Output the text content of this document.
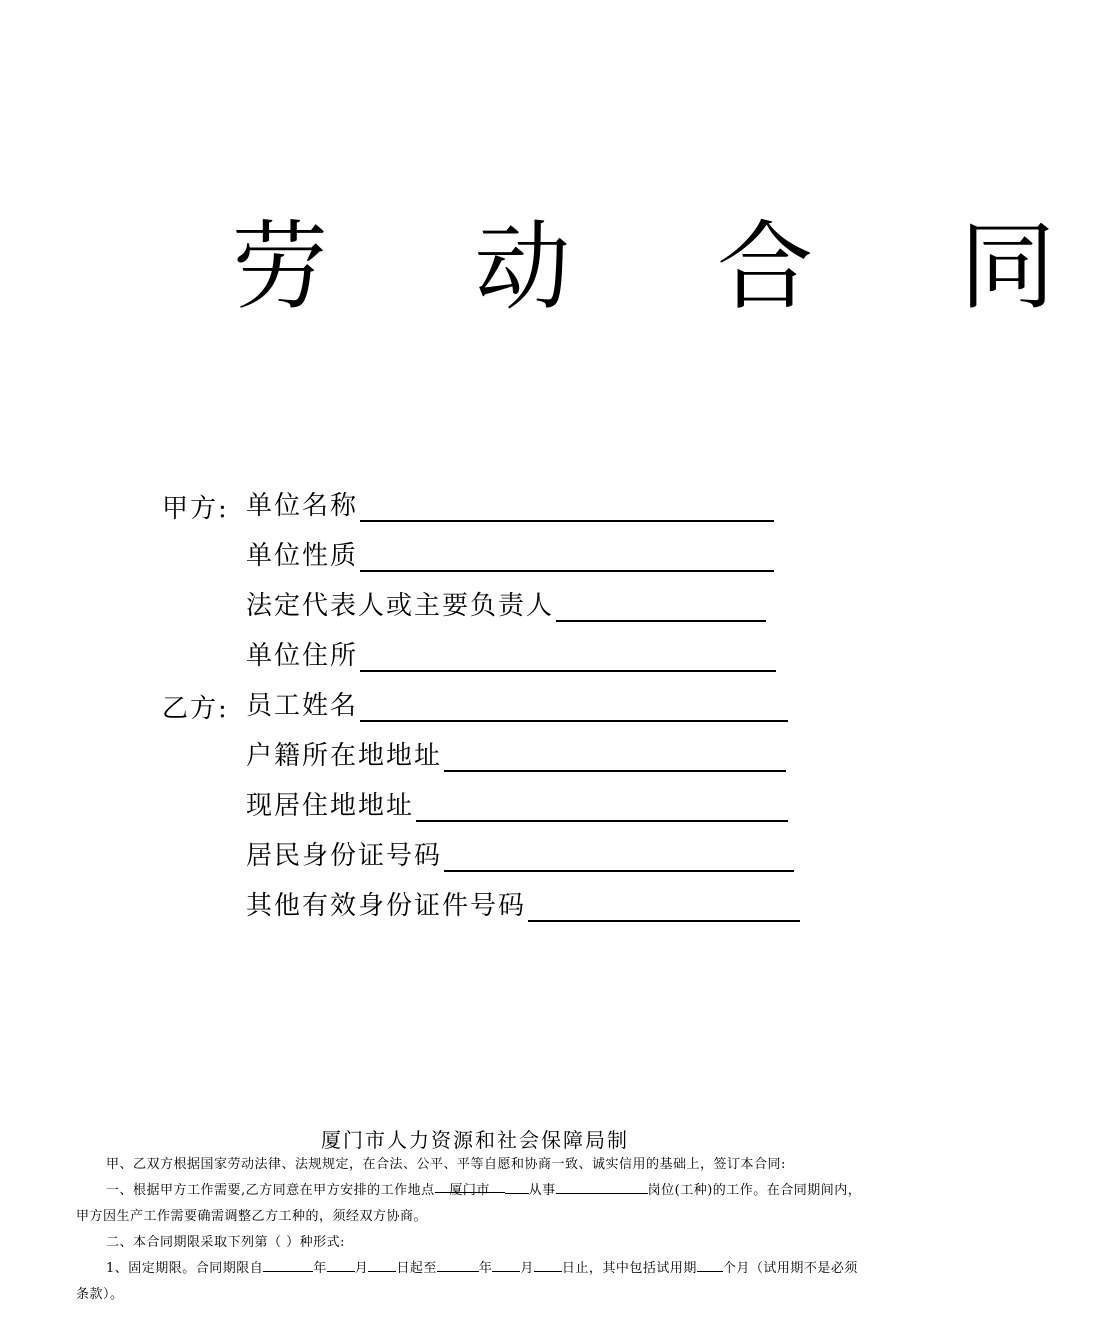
劳 动 合 同
甲方: 单位名称
单位性质
法定代表人或主要负责人
单位住所
乙方: 员工姓名
户籍所在地地址
现居住地地址
居民身份证号码
其他有效身份证件号码
厦门市人力资源和社会保障局制

甲、乙双方根据国家劳动法律、法规规定，在合法、公平、平等自愿和协商一致、诚实信用的基础上，签订本合同:

一、根据甲方工作需要,乙方同意在甲方安排的工作地点 厦门市	从事	岗位(工种)的工作。在合同期间内，甲方因生产工作需要确需调整乙方工种的，须经双方协商。

二、本合同期限采取下列第（ ）种形式:

1、固定期限。合同期限自	年 月 日起至	年 月 日止，其中包括试用期 个月（试用期不是必须条款）。
